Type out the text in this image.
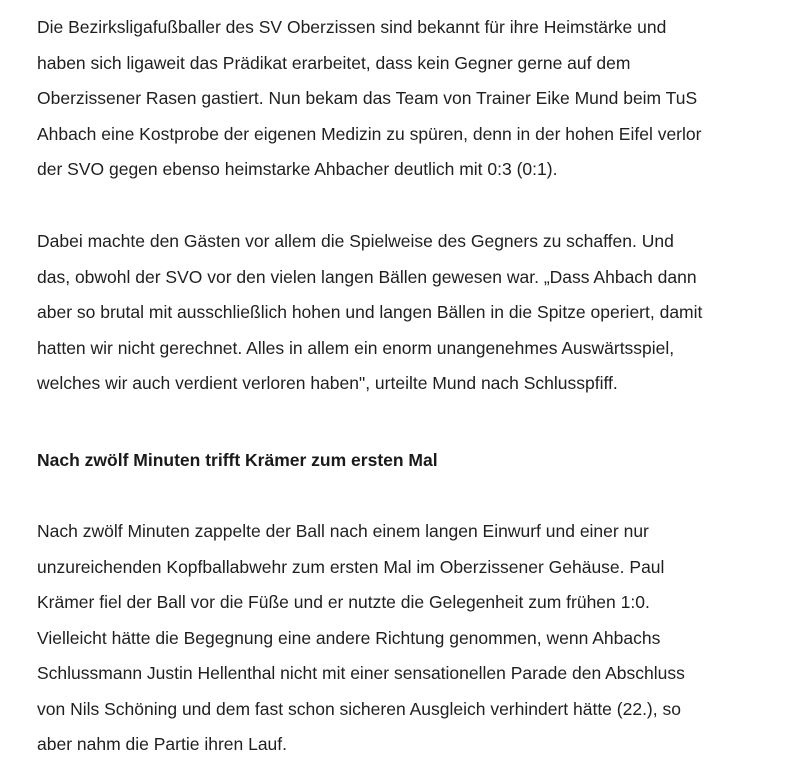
Die Bezirksligafußballer des SV Oberzissen sind bekannt für ihre Heimstärke und
haben sich ligaweit das Prädikat erarbeitet, dass kein Gegner gerne auf dem
Oberzissener Rasen gastiert. Nun bekam das Team von Trainer Eike Mund beim TuS
Ahbach eine Kostprobe der eigenen Medizin zu spüren, denn in der hohen Eifel verlor
der SVO gegen ebenso heimstarke Ahbacher deutlich mit 0:3 (0:1).

Dabei machte den Gästen vor allem die Spielweise des Gegners zu schaffen. Und
das, obwohl der SVO vor den vielen langen Bällen gewesen war. „Dass Ahbach dann
aber so brutal mit ausschließlich hohen und langen Bällen in die Spitze operiert, damit
hatten wir nicht gerechnet. Alles in allem ein enorm unangenehmes Auswärtsspiel,
welches wir auch verdient verloren haben", urteilte Mund nach Schlusspfiff.

Nach zwölf Minuten trifft Krämer zum ersten Mal

Nach zwölf Minuten zappelte der Ball nach einem langen Einwurf und einer nur
unzureichenden Kopfballabwehr zum ersten Mal im Oberzissener Gehäuse. Paul
Krämer fiel der Ball vor die Füße und er nutzte die Gelegenheit zum frühen 1:0.
Vielleicht hätte die Begegnung eine andere Richtung genommen, wenn Ahbachs
Schlussmann Justin Hellenthal nicht mit einer sensationellen Parade den Abschluss
von Nils Schöning und dem fast schon sicheren Ausgleich verhindert hätte (22.), so
aber nahm die Partie ihren Lauf.
